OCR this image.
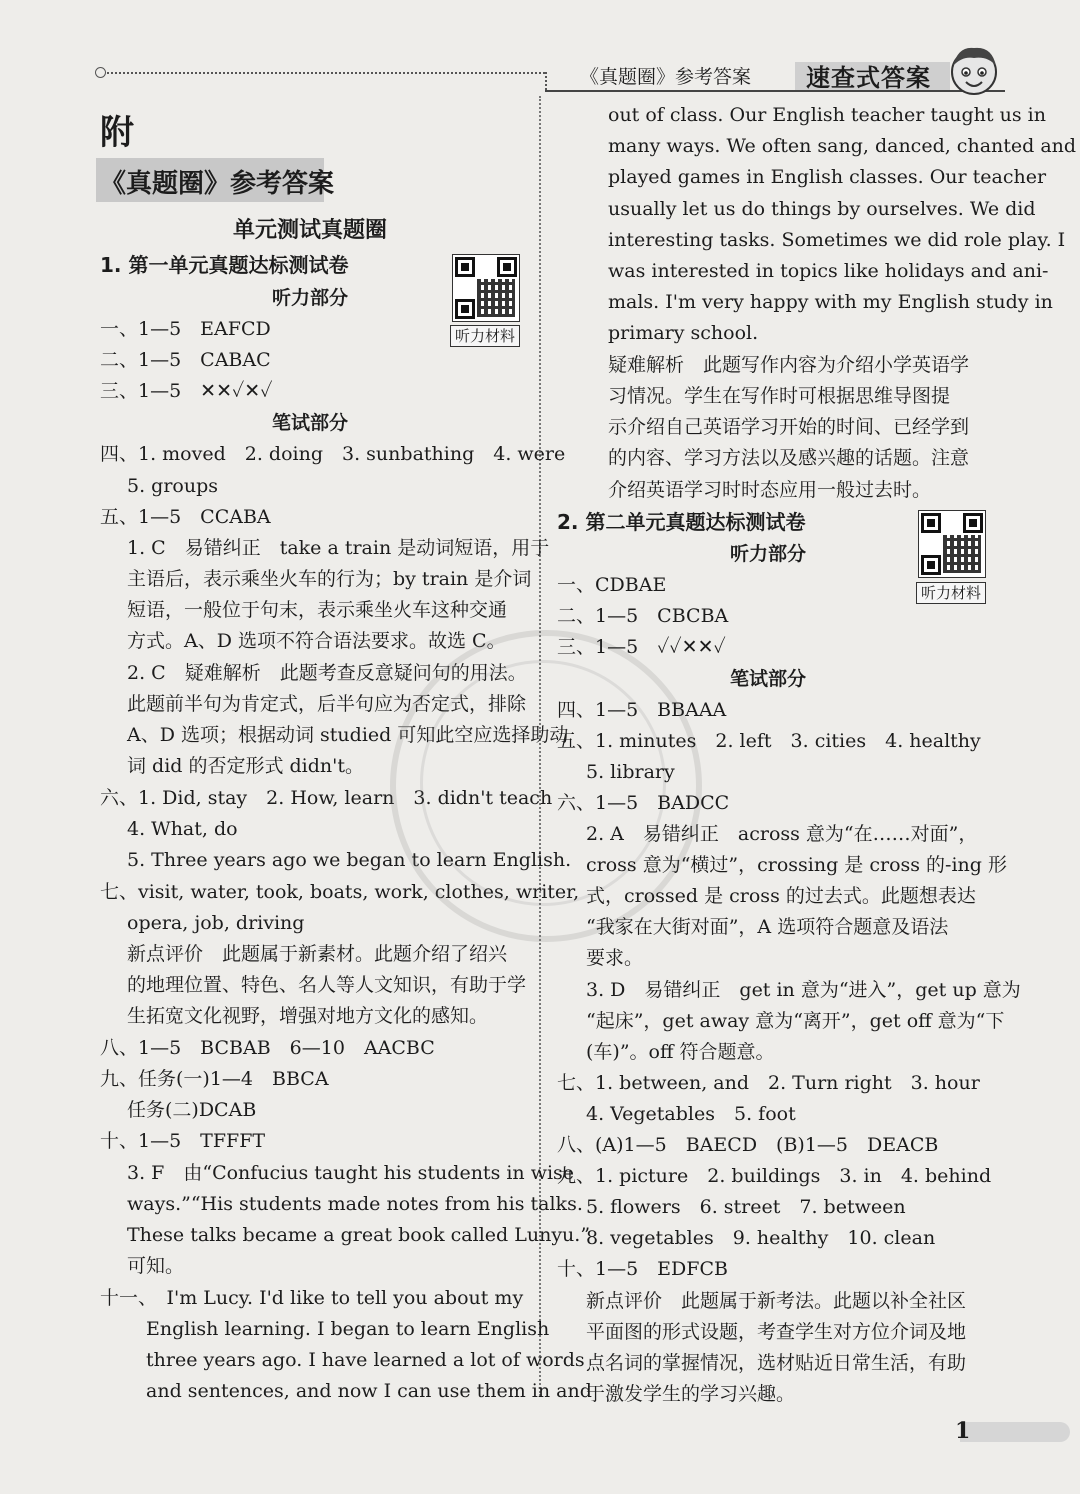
《真题圈》参考答案 速查式答案
附
《真题圈》参考答案
单元测试真题圈
听力材料
1. 第一单元真题达标测试卷
听力部分
一、1—5　EAFCD
二、1—5　CABAC
三、1—5　✕✕✓✕✓
笔试部分
四、1. moved　2. doing　3. sunbathing　4. were
5. groups
五、1—5　CCABA
1. C　易错纠正　take a train 是动词短语，用于
主语后，表示乘坐火车的行为；by train 是介词
短语，一般位于句末，表示乘坐火车这种交通
方式。A、D 选项不符合语法要求。故选 C。
2. C　疑难解析　此题考查反意疑问句的用法。
此题前半句为肯定式，后半句应为否定式，排除
A、D 选项；根据动词 studied 可知此空应选择助动
词 did 的否定形式 didn't。
六、1. Did, stay　2. How, learn　3. didn't teach
4. What, do
5. Three years ago we began to learn English.
七、visit, water, took, boats, work, clothes, writer,
opera, job, driving
新点评价　此题属于新素材。此题介绍了绍兴
的地理位置、特色、名人等人文知识，有助于学
生拓宽文化视野，增强对地方文化的感知。
八、1—5　BCBAB　6—10　AACBC
九、任务(一)1—4　BBCA
任务(二)DCAB
十、1—5　TFFFT
3. F　由“Confucius taught his students in wise
ways.”“His students made notes from his talks.
These talks became a great book called Lunyu.”
可知。
十一、　I'm Lucy. I'd like to tell you about my
English learning. I began to learn English
three years ago. I have learned a lot of words
and sentences, and now I can use them in and
听力材料
out of class. Our English teacher taught us in
many ways. We often sang, danced, chanted and
played games in English classes. Our teacher
usually let us do things by ourselves. We did
interesting tasks. Sometimes we did role play. I
was interested in topics like holidays and ani-
mals. I'm very happy with my English study in
primary school.
疑难解析　此题写作内容为介绍小学英语学
习情况。学生在写作时可根据思维导图提
示介绍自己英语学习开始的时间、已经学到
的内容、学习方法以及感兴趣的话题。注意
介绍英语学习时时态应用一般过去时。
2. 第二单元真题达标测试卷
听力部分
一、CDBAE
二、1—5　CBCBA
三、1—5　✓✓✕✕✓
笔试部分
四、1—5　BBAAA
五、1. minutes　2. left　3. cities　4. healthy
5. library
六、1—5　BADCC
2. A　易错纠正　across 意为“在……对面”，
cross 意为“横过”，crossing 是 cross 的-ing 形
式，crossed 是 cross 的过去式。此题想表达
“我家在大街对面”，A 选项符合题意及语法
要求。
3. D　易错纠正　get in 意为“进入”，get up 意为
“起床”，get away 意为“离开”，get off 意为“下
(车)”。off 符合题意。
七、1. between, and　2. Turn right　3. hour
4. Vegetables　5. foot
八、(A)1—5　BAECD　(B)1—5　DEACB
九、1. picture　2. buildings　3. in　4. behind
5. flowers　6. street　7. between
8. vegetables　9. healthy　10. clean
十、1—5　EDFCB
新点评价　此题属于新考法。此题以补全社区
平面图的形式设题，考查学生对方位介词及地
点名词的掌握情况，选材贴近日常生活，有助
于激发学生的学习兴趣。
1
